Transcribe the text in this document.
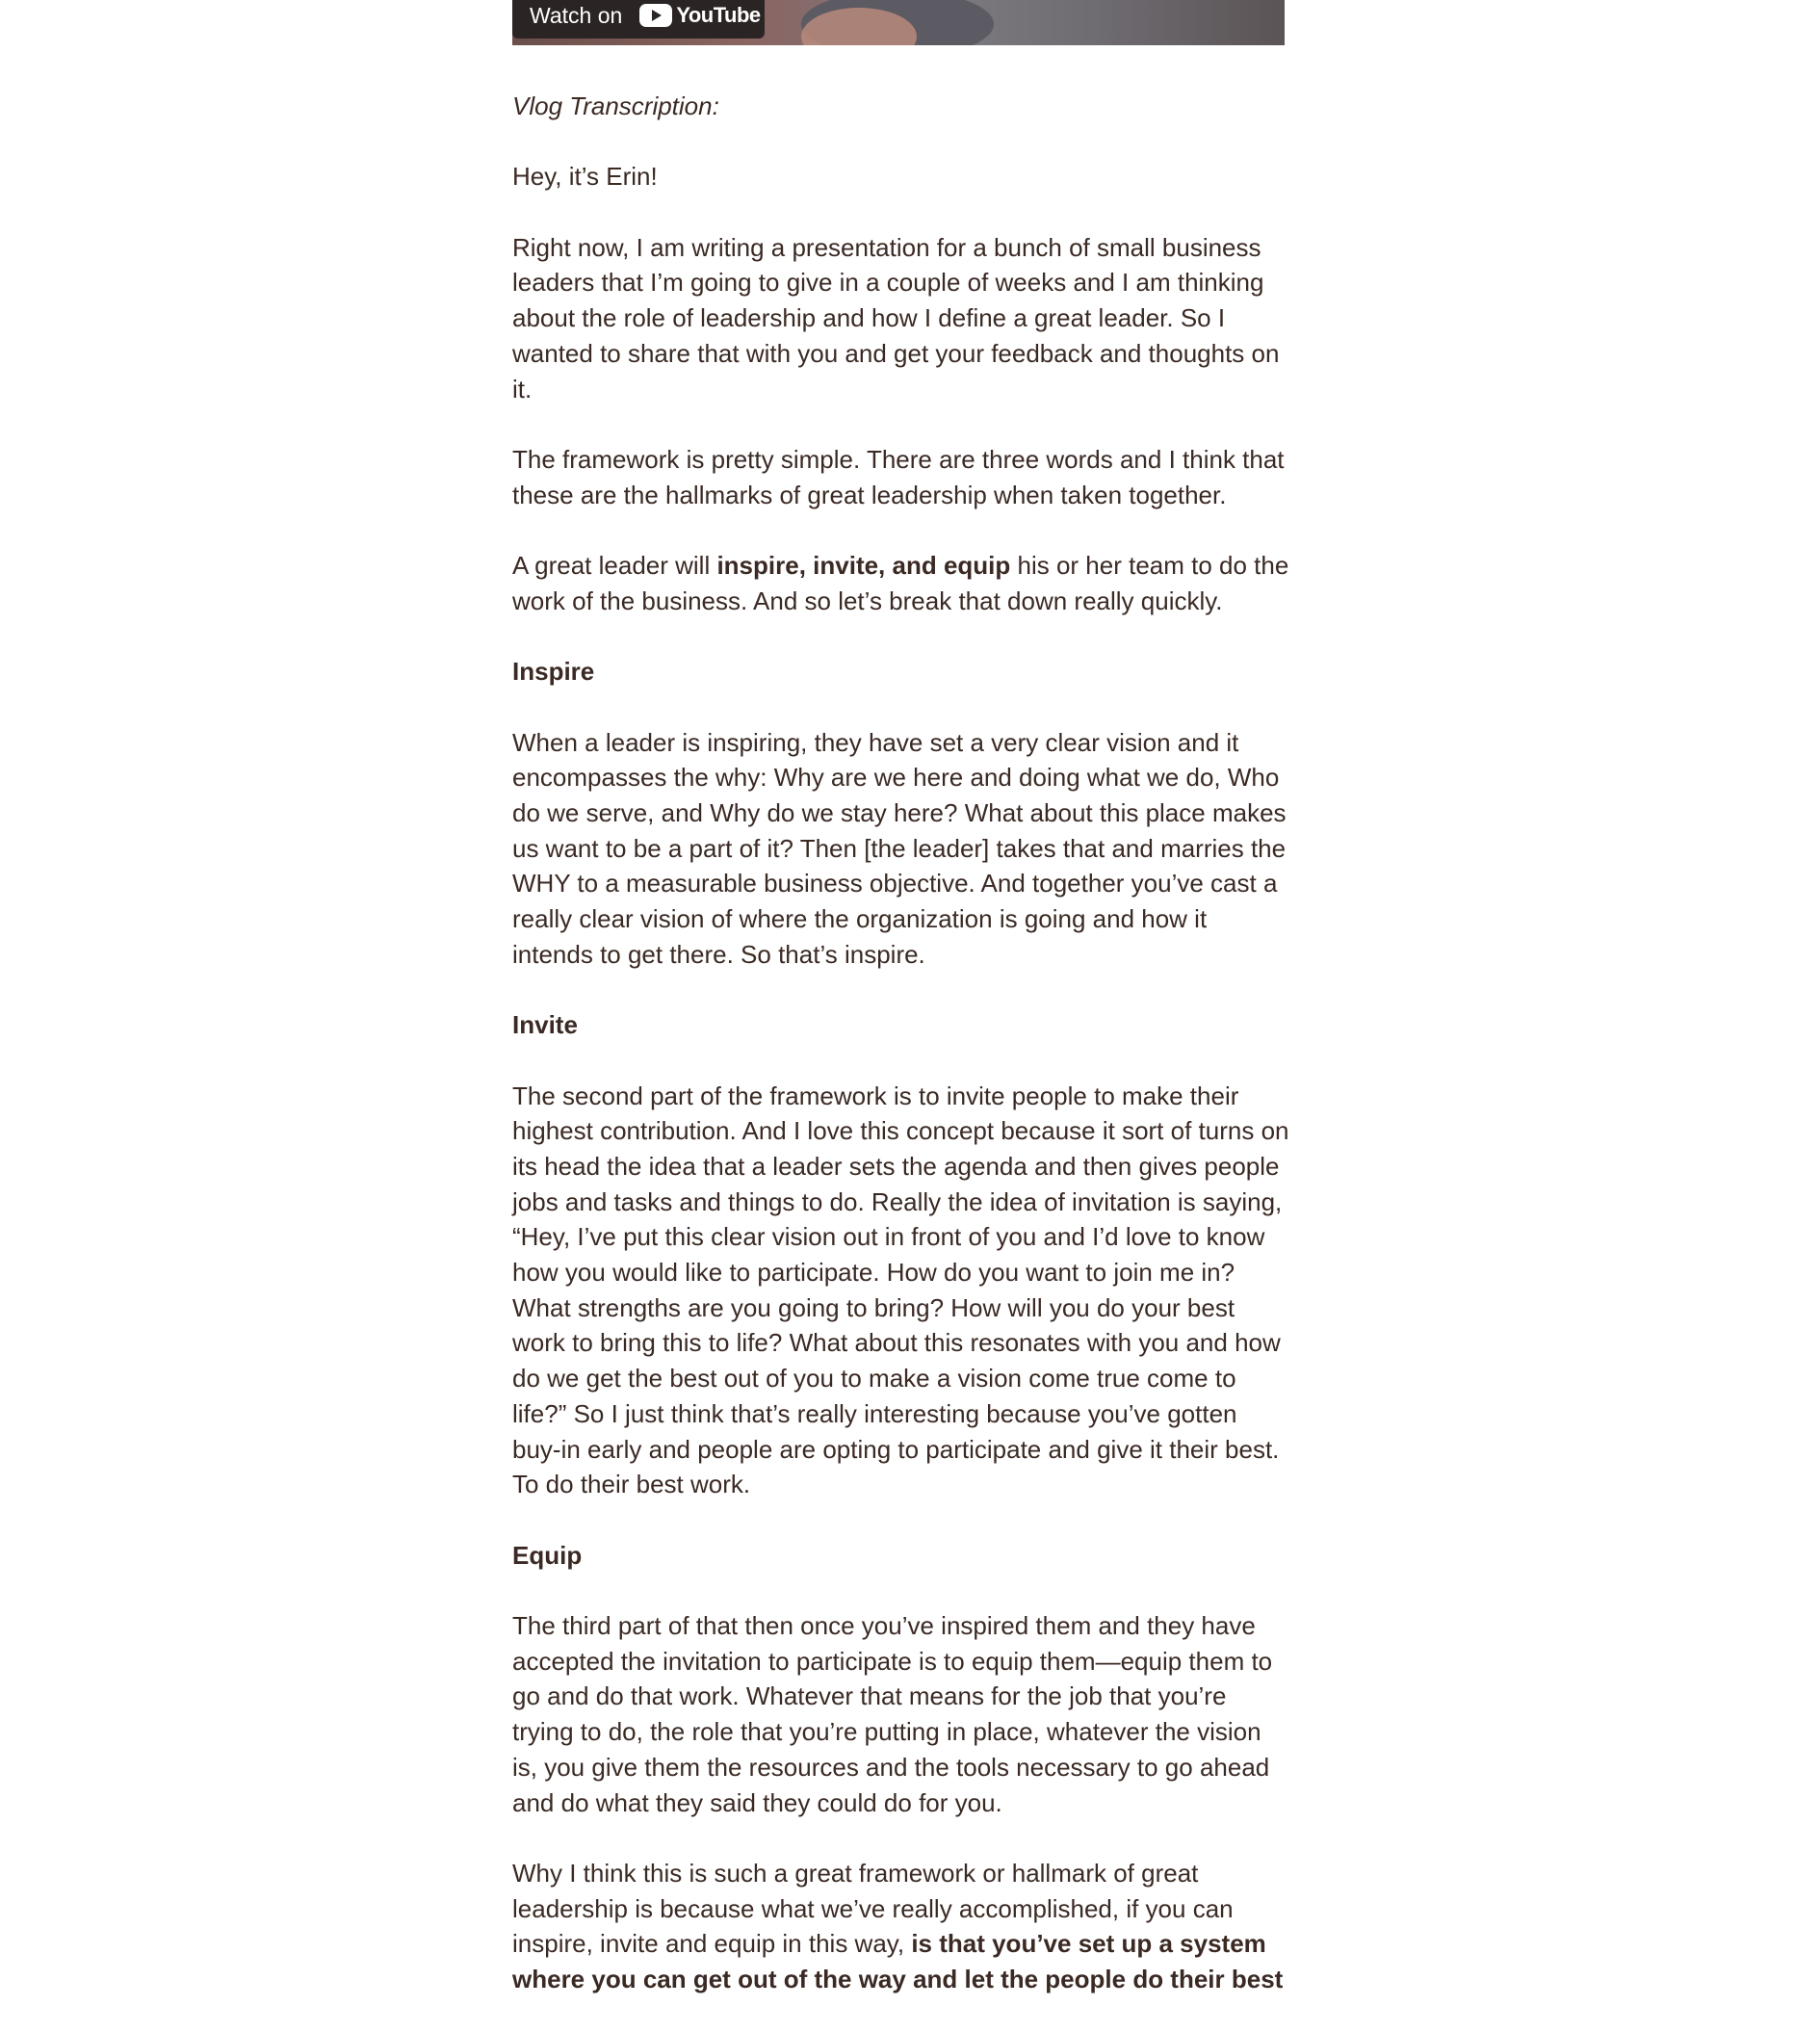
Watch on	YouTube

Vlog Transcription:

Hey, it’s Erin!

Right now, I am writing a presentation for a bunch of small business leaders that I’m going to give in a couple of weeks and I am thinking about the role of leadership and how I define a great leader. So I wanted to share that with you and get your feedback and thoughts on it.

The framework is pretty simple. There are three words and I think that these are the hallmarks of great leadership when taken together.

A great leader will inspire, invite, and equip his or her team to do the work of the business. And so let’s break that down really quickly.

Inspire

When a leader is inspiring, they have set a very clear vision and it encompasses the why: Why are we here and doing what we do, Who do we serve, and Why do we stay here? What about this place makes us want to be a part of it? Then [the leader] takes that and marries the WHY to a measurable business objective. And together you’ve cast a really clear vision of where the organization is going and how it intends to get there. So that’s inspire.

Invite

The second part of the framework is to invite people to make their highest contribution. And I love this concept because it sort of turns on its head the idea that a leader sets the agenda and then gives people jobs and tasks and things to do. Really the idea of invitation is saying, “Hey, I’ve put this clear vision out in front of you and I’d love to know how you would like to participate. How do you want to join me in? What strengths are you going to bring? How will you do your best work to bring this to life? What about this resonates with you and how do we get the best out of you to make a vision come true come to life?” So I just think that’s really interesting because you’ve gotten buy-in early and people are opting to participate and give it their best. To do their best work.

Equip

The third part of that then once you’ve inspired them and they have accepted the invitation to participate is to equip them—equip them to go and do that work. Whatever that means for the job that you’re trying to do, the role that you’re putting in place, whatever the vision is, you give them the resources and the tools necessary to go ahead and do what they said they could do for you.

Why I think this is such a great framework or hallmark of great leadership is because what we’ve really accomplished, if you can inspire, invite and equip in this way, is that you’ve set up a system where you can get out of the way and let the people do their best
